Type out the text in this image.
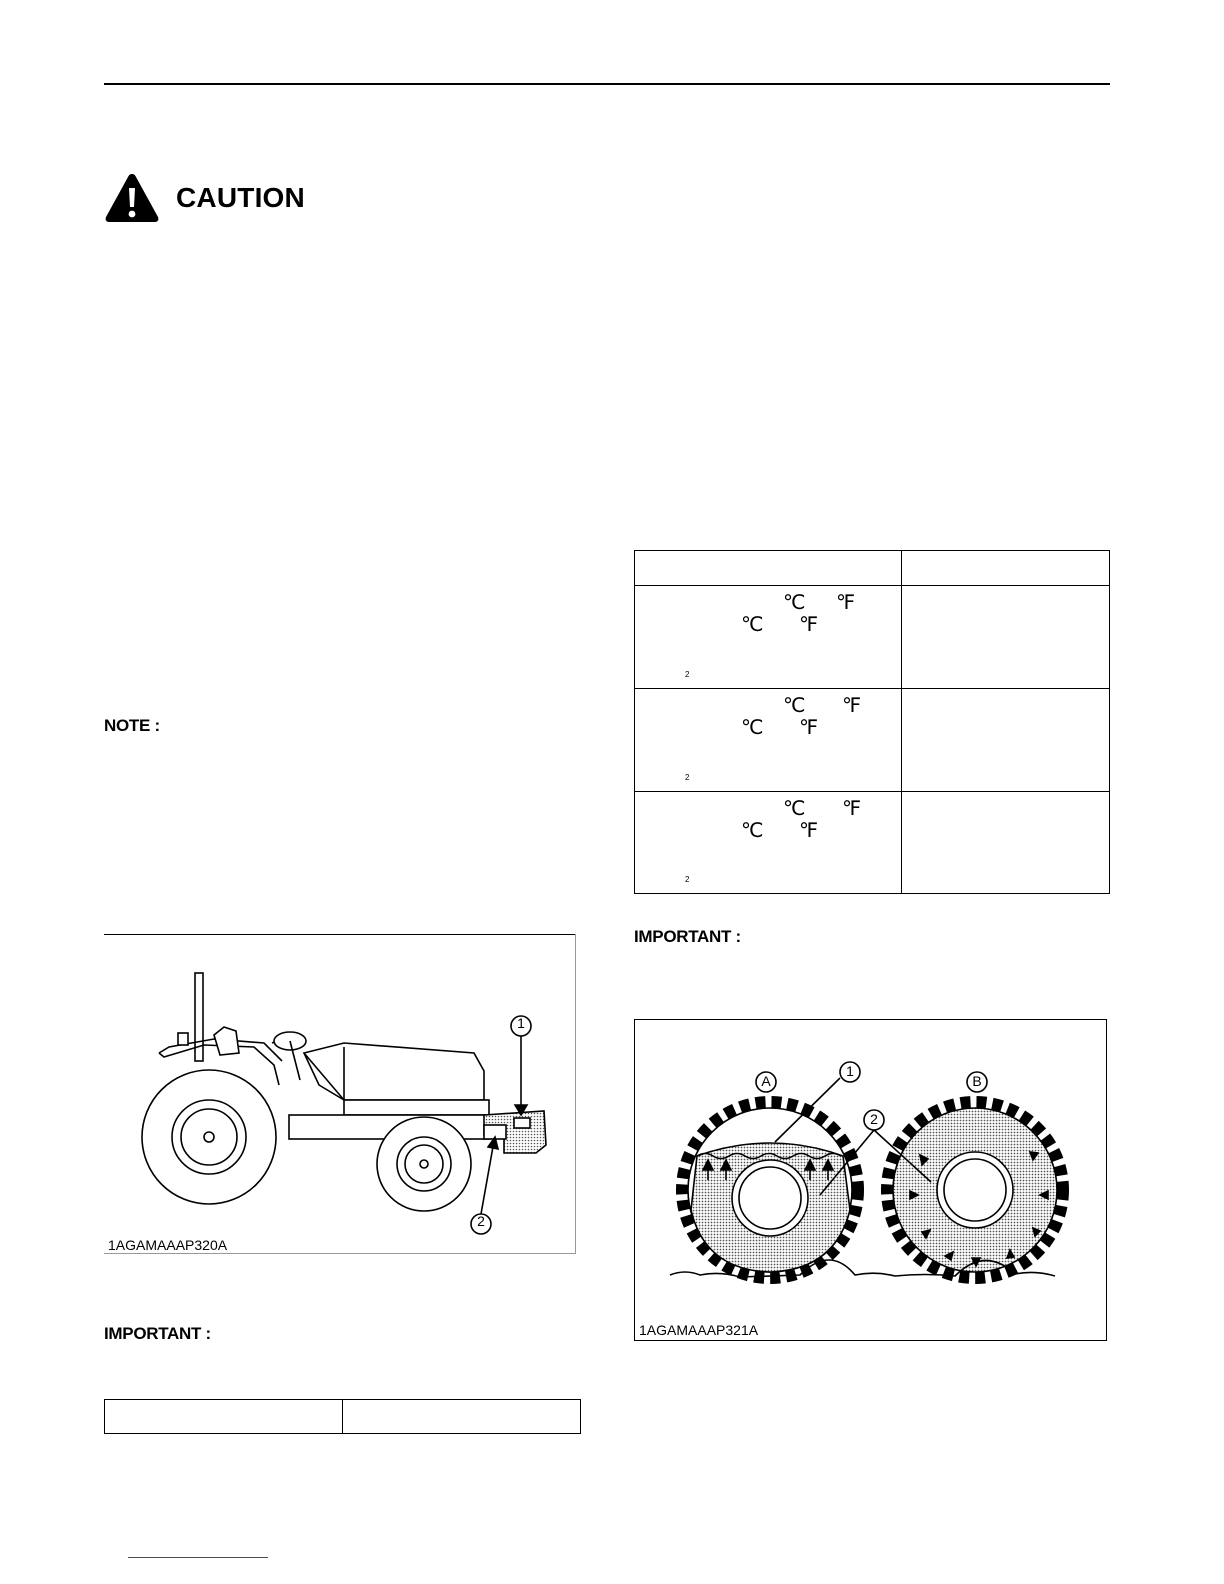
CAUTION
NOTE :
1
2
1AGAMAAAP320A
IMPORTANT :

℃ ℉
℃ ℉
2	

℃ ℉
℃ ℉
2	

℃ ℉
℃ ℉
2	

IMPORTANT :
A	B
1
2
1AGAMAAAP321A
